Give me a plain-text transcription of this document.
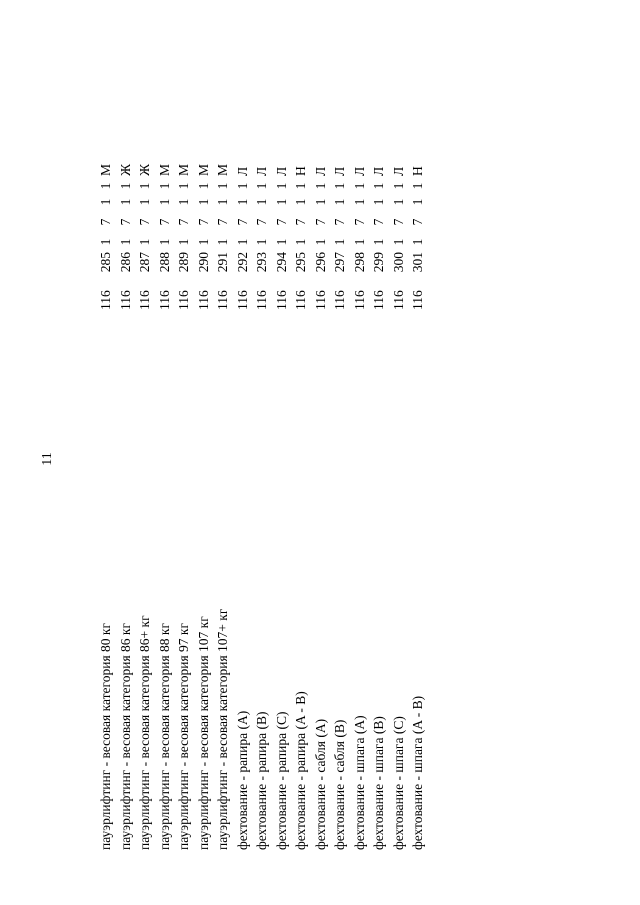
11
пауэрлифтинг - весовая категория 80 кг
116
285
1
7
1
1
М
пауэрлифтинг - весовая категория 86 кг
116
286
1
7
1
1
Ж
пауэрлифтинг - весовая категория 86+ кг
116
287
1
7
1
1
Ж
пауэрлифтинг - весовая категория 88 кг
116
288
1
7
1
1
М
пауэрлифтинг - весовая категория 97 кг
116
289
1
7
1
1
М
пауэрлифтинг - весовая категория 107 кг
116
290
1
7
1
1
М
пауэрлифтинг - весовая категория 107+ кг
116
291
1
7
1
1
М
фехтование - рапира (A)
116
292
1
7
1
1
Л
фехтование - рапира (B)
116
293
1
7
1
1
Л
фехтование - рапира (C)
116
294
1
7
1
1
Л
фехтование - рапира (A - B)
116
295
1
7
1
1
Н
фехтование - сабля (A)
116
296
1
7
1
1
Л
фехтование - сабля (B)
116
297
1
7
1
1
Л
фехтование - шпага (A)
116
298
1
7
1
1
Л
фехтование - шпага (B)
116
299
1
7
1
1
Л
фехтование - шпага (C)
116
300
1
7
1
1
Л
фехтование - шпага (A - B)
116
301
1
7
1
1
Н
